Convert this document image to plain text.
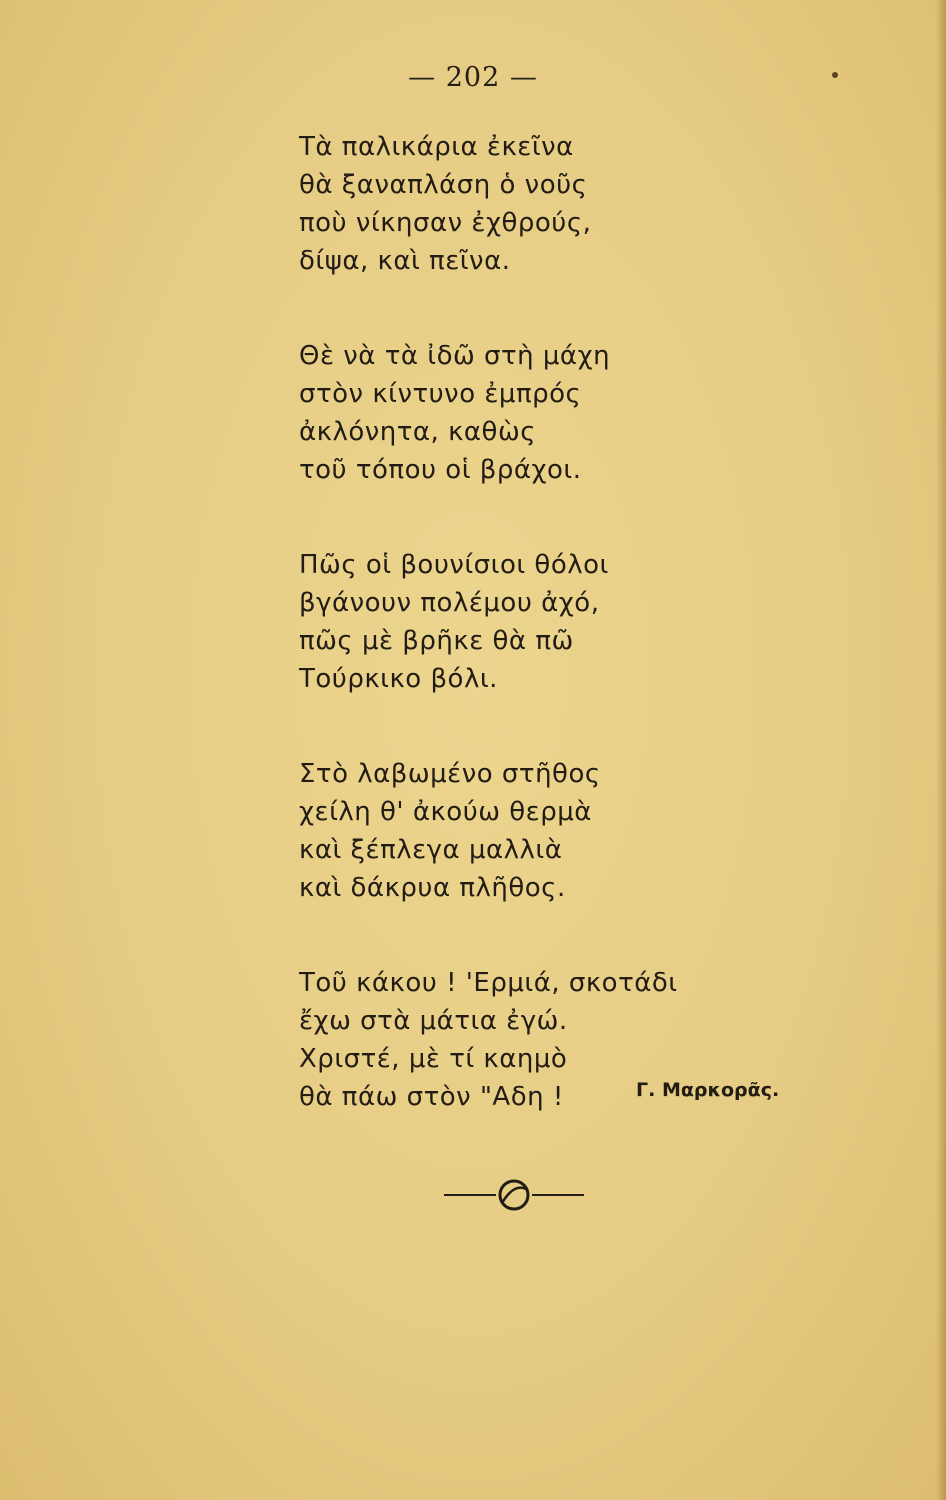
— 202 —
Τὰ παλικάρια ἐκεῖνα
θὰ ξαναπλάση ὁ νοῦς
ποὺ νίκησαν ἐχθρούς,
δίψα, καὶ πεῖνα.
Θὲ νὰ τὰ ἰδῶ στὴ μάχη
στὸν κίντυνο ἐμπρός
ἀκλόνητα, καθὼς
τοῦ τόπου οἱ βράχοι.
Πῶς οἱ βουνίσιοι θόλοι
βγάνουν πολέμου ἀχό,
πῶς μὲ βρῆκε θὰ πῶ
Τούρκικο βόλι.
Στὸ λαβωμένο στῆθος
χείλη θ' ἀκούω θερμὰ
καὶ ξέπλεγα μαλλιὰ
καὶ δάκρυα πλῆθος.
Τοῦ κάκου ! 'Ερμιά, σκοτάδι
ἔχω στὰ μάτια ἐγώ.
Χριστέ, μὲ τί καημὸ
θὰ πάω στὸν "Αδη !	Γ. Μαρκορᾶς.
